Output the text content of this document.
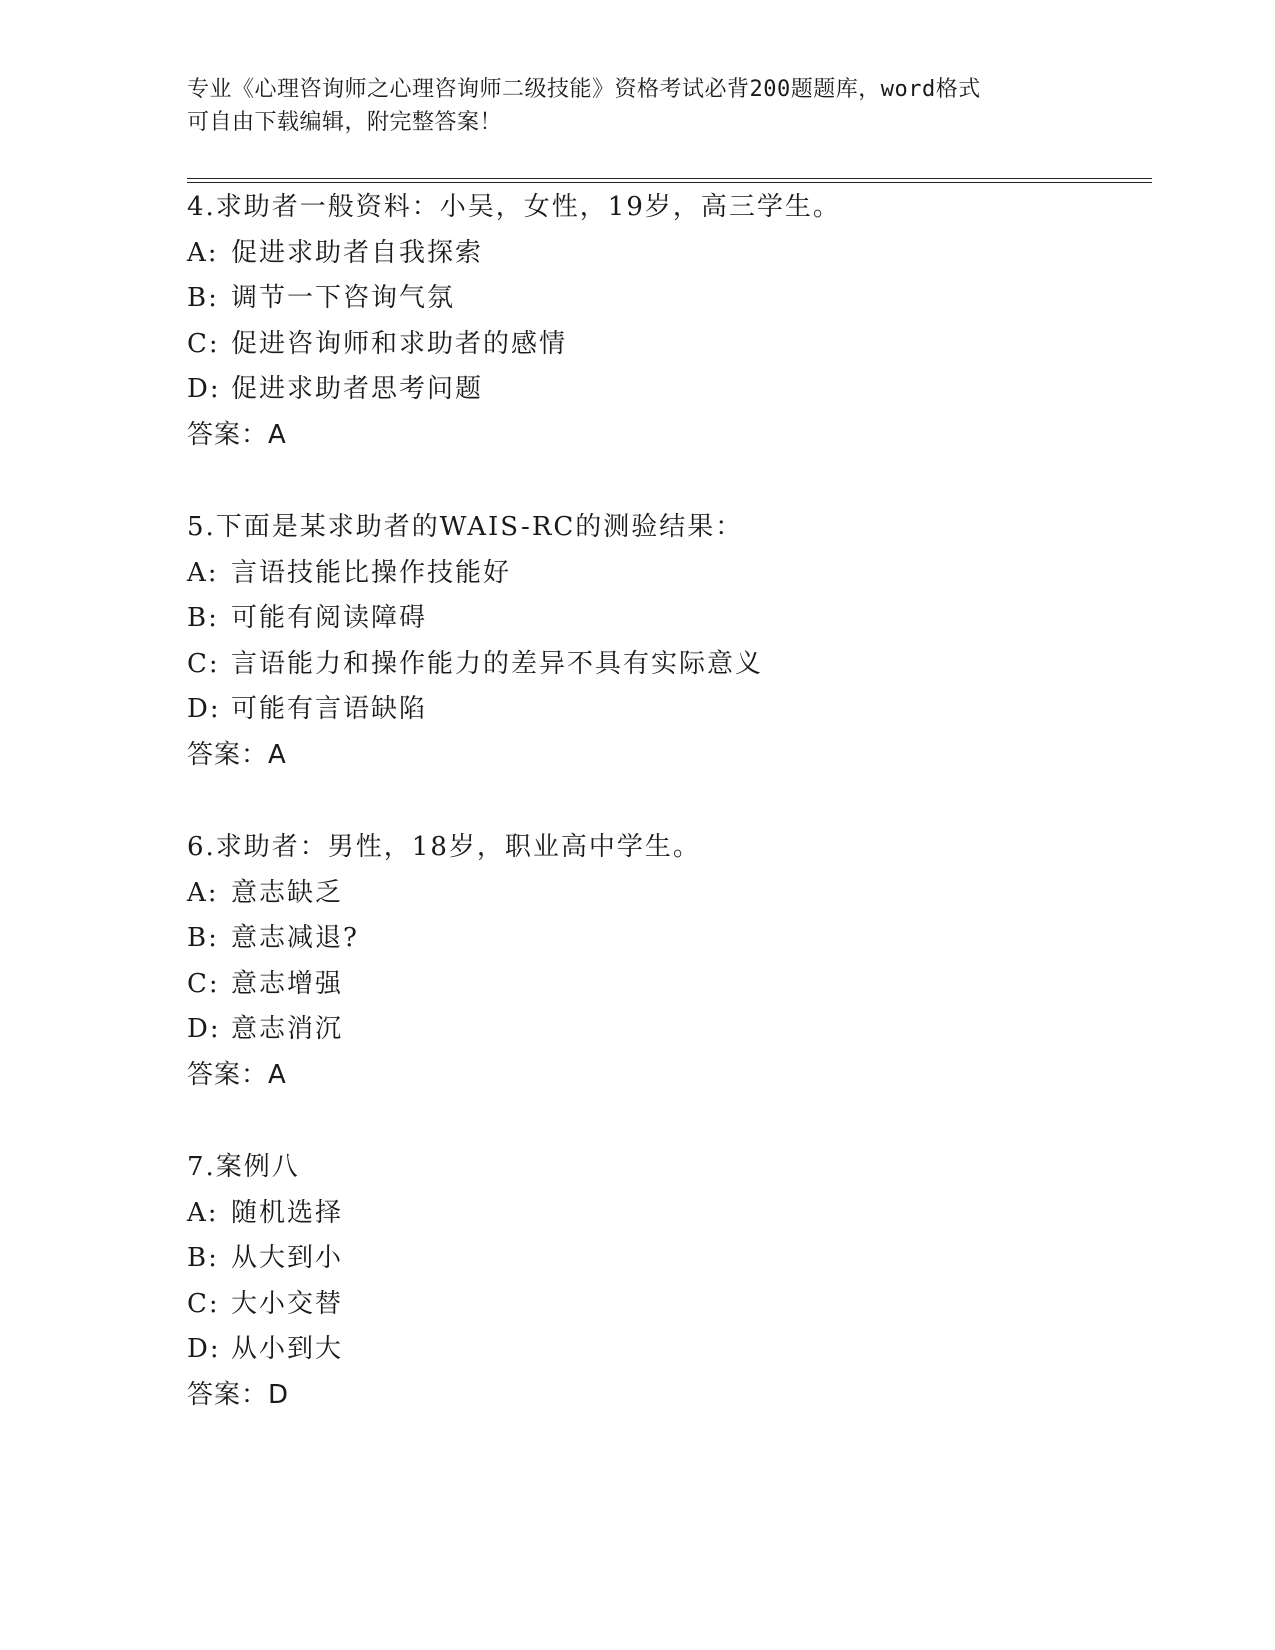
专业《心理咨询师之心理咨询师二级技能》资格考试必背200题题库，word格式
可自由下载编辑，附完整答案！
4.求助者一般资料：小吴，女性，19岁，高三学生。
A: 促进求助者自我探索
B: 调节一下咨询气氛
C: 促进咨询师和求助者的感情
D: 促进求助者思考问题
答案：A
5.下面是某求助者的WAIS-RC的测验结果：
A: 言语技能比操作技能好
B: 可能有阅读障碍
C: 言语能力和操作能力的差异不具有实际意义
D: 可能有言语缺陷
答案：A
6.求助者：男性，18岁，职业高中学生。
A: 意志缺乏
B: 意志减退?
C: 意志增强
D: 意志消沉
答案：A
7.案例八
A: 随机选择
B: 从大到小
C: 大小交替
D: 从小到大
答案：D
